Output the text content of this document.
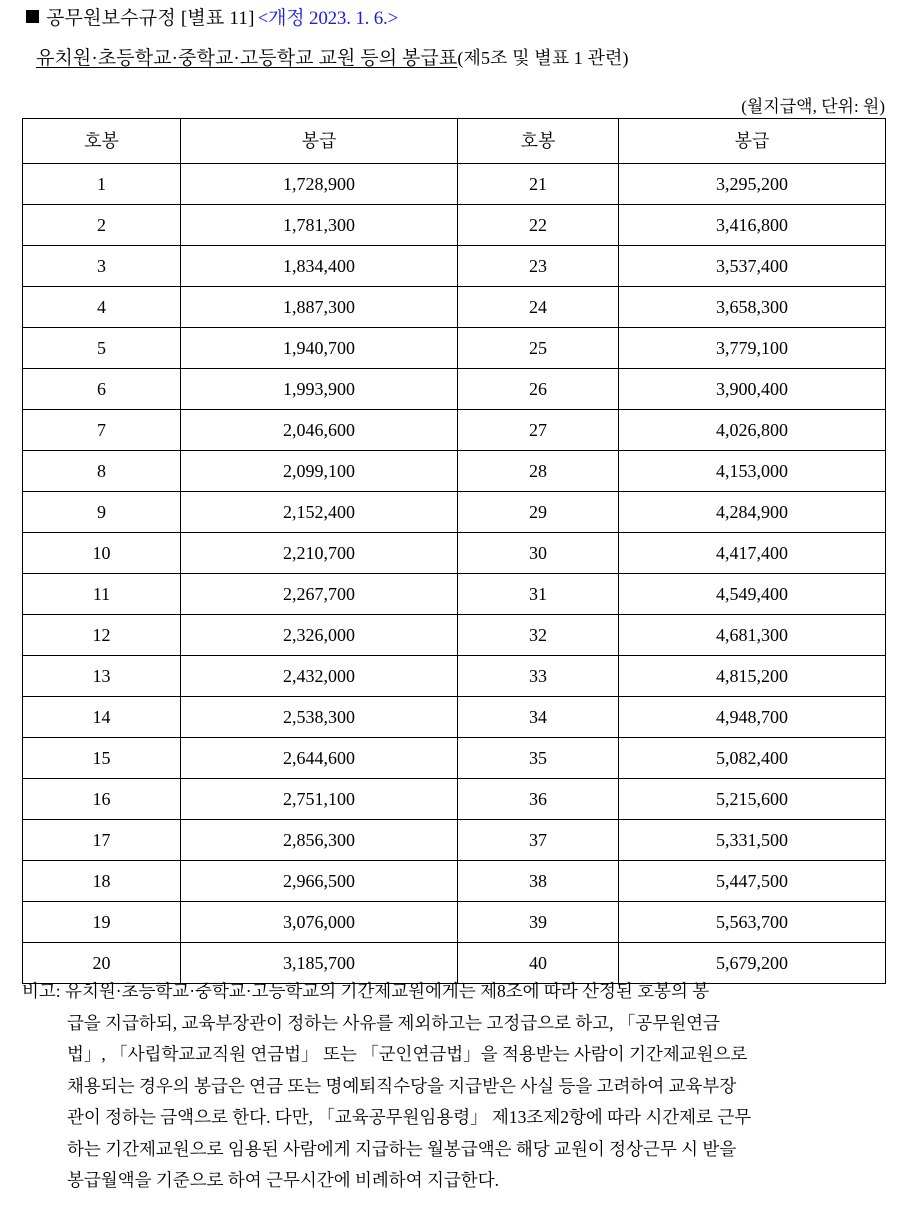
공무원보수규정 [별표 11] <개정 2023. 1. 6.>
유치원·초등학교·중학교·고등학교 교원 등의 봉급표(제5조 및 별표 1 관련)
(월지급액, 단위: 원)
호봉	봉급	호봉	봉급
1	1,728,900	21	3,295,200
2	1,781,300	22	3,416,800
3	1,834,400	23	3,537,400
4	1,887,300	24	3,658,300
5	1,940,700	25	3,779,100
6	1,993,900	26	3,900,400
7	2,046,600	27	4,026,800
8	2,099,100	28	4,153,000
9	2,152,400	29	4,284,900
10	2,210,700	30	4,417,400
11	2,267,700	31	4,549,400
12	2,326,000	32	4,681,300
13	2,432,000	33	4,815,200
14	2,538,300	34	4,948,700
15	2,644,600	35	5,082,400
16	2,751,100	36	5,215,600
17	2,856,300	37	5,331,500
18	2,966,500	38	5,447,500
19	3,076,000	39	5,563,700
20	3,185,700	40	5,679,200
비고: 유치원·초등학교·중학교·고등학교의 기간제교원에게는 제8조에 따라 산정된 호봉의 봉
급을 지급하되, 교육부장관이 정하는 사유를 제외하고는 고정급으로 하고, 「공무원연금
법」, 「사립학교교직원 연금법」 또는 「군인연금법」을 적용받는 사람이 기간제교원으로
채용되는 경우의 봉급은 연금 또는 명예퇴직수당을 지급받은 사실 등을 고려하여 교육부장
관이 정하는 금액으로 한다. 다만, 「교육공무원임용령」 제13조제2항에 따라 시간제로 근무
하는 기간제교원으로 임용된 사람에게 지급하는 월봉급액은 해당 교원이 정상근무 시 받을
봉급월액을 기준으로 하여 근무시간에 비례하여 지급한다.
